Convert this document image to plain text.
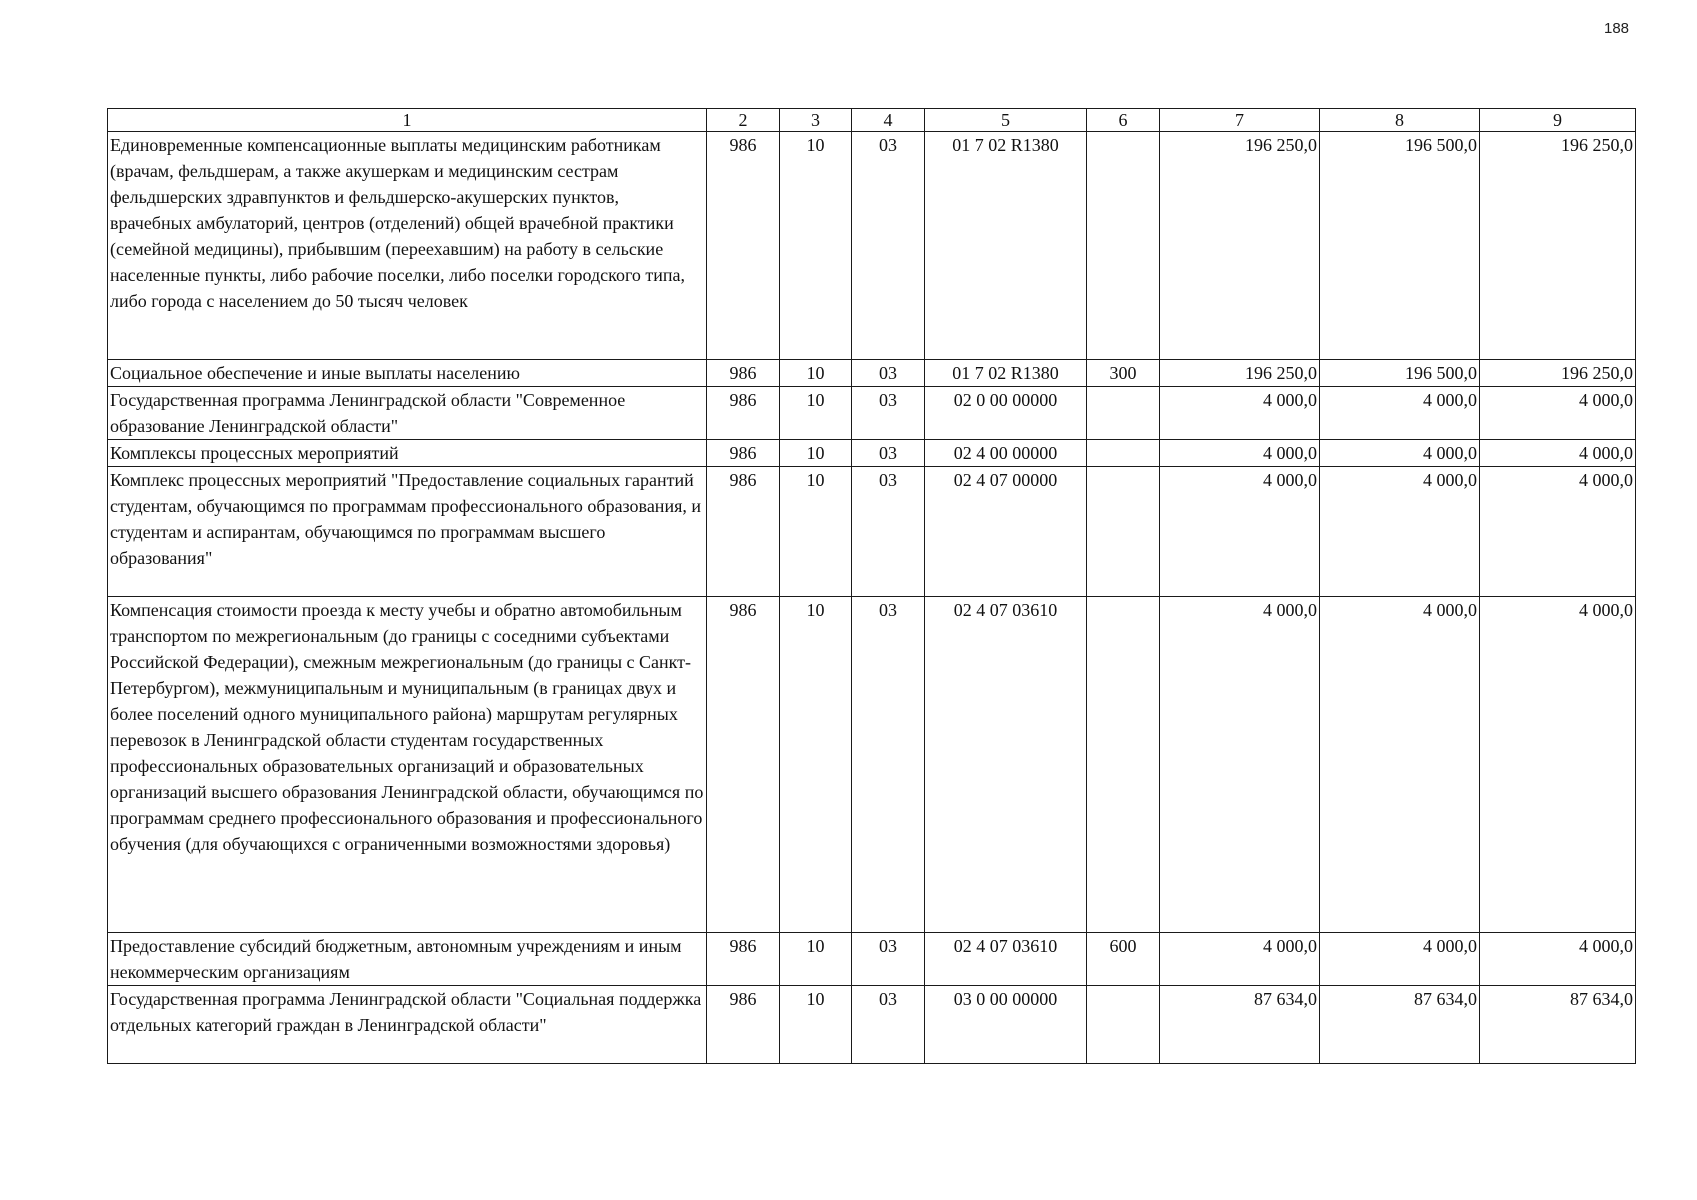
188
1	2	3	4	5	6	7	8	9
Единовременные компенсационные выплаты медицинским работникам (врачам, фельдшерам, а также акушеркам и медицинским сестрам фельдшерских здравпунктов и фельдшерско-акушерских пунктов, врачебных амбулаторий, центров (отделений) общей врачебной практики (семейной медицины), прибывшим (переехавшим) на работу в сельские населенные пункты, либо рабочие поселки, либо поселки городского типа, либо города с населением до 50 тысяч человек	986	10	03	01 7 02 R1380		196 250,0	196 500,0	196 250,0
Социальное обеспечение и иные выплаты населению	986	10	03	01 7 02 R1380	300	196 250,0	196 500,0	196 250,0
Государственная программа Ленинградской области "Современное образование Ленинградской области"	986	10	03	02 0 00 00000		4 000,0	4 000,0	4 000,0
Комплексы процессных мероприятий	986	10	03	02 4 00 00000		4 000,0	4 000,0	4 000,0
Комплекс процессных мероприятий "Предоставление социальных гарантий студентам, обучающимся по программам профессионального образования, и студентам и аспирантам, обучающимся по программам высшего образования"	986	10	03	02 4 07 00000		4 000,0	4 000,0	4 000,0
Компенсация стоимости проезда к месту учебы и обратно автомобильным транспортом по межрегиональным (до границы с соседними субъектами Российской Федерации), смежным межрегиональным (до границы с Санкт-Петербургом), межмуниципальным и муниципальным (в границах двух и более поселений одного муниципального района) маршрутам регулярных перевозок в Ленинградской области студентам государственных профессиональных образовательных организаций и образовательных организаций высшего образования Ленинградской области, обучающимся по программам среднего профессионального образования и профессионального обучения (для обучающихся с ограниченными возможностями здоровья)	986	10	03	02 4 07 03610		4 000,0	4 000,0	4 000,0
Предоставление субсидий бюджетным, автономным учреждениям и иным некоммерческим организациям	986	10	03	02 4 07 03610	600	4 000,0	4 000,0	4 000,0
Государственная программа Ленинградской области "Социальная поддержка отдельных категорий граждан в Ленинградской области"	986	10	03	03 0 00 00000		87 634,0	87 634,0	87 634,0
